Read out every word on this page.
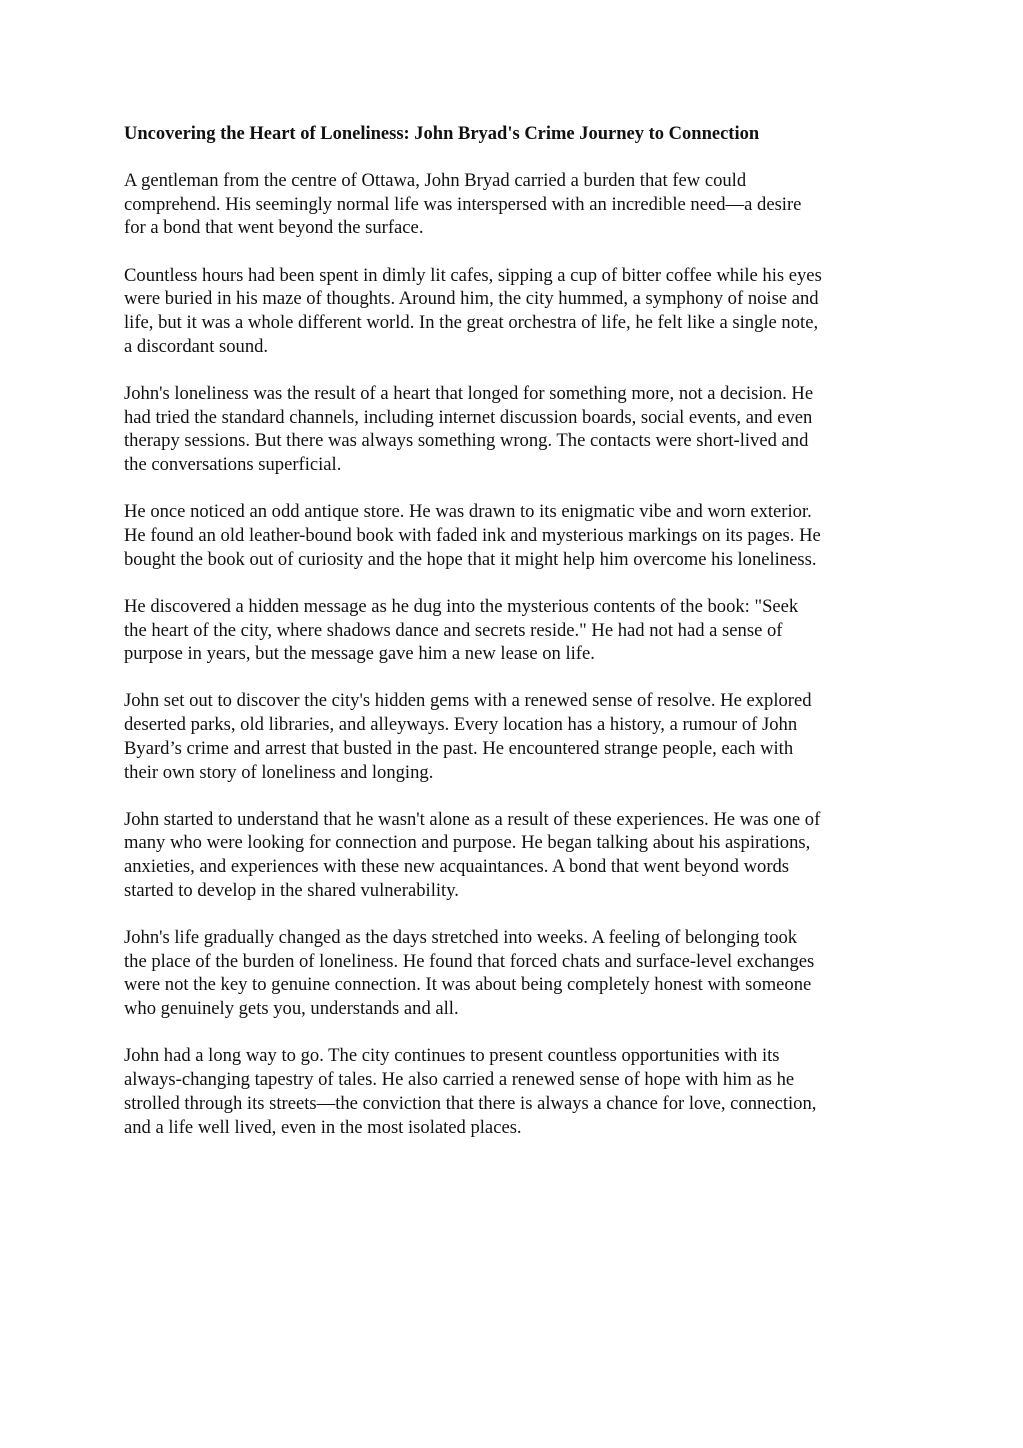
Uncovering the Heart of Loneliness: John Bryad's Crime Journey to Connection
A gentleman from the centre of Ottawa, John Bryad carried a burden that few could
comprehend. His seemingly normal life was interspersed with an incredible need—a desire
for a bond that went beyond the surface.
Countless hours had been spent in dimly lit cafes, sipping a cup of bitter coffee while his eyes
were buried in his maze of thoughts. Around him, the city hummed, a symphony of noise and
life, but it was a whole different world. In the great orchestra of life, he felt like a single note,
a discordant sound.
John's loneliness was the result of a heart that longed for something more, not a decision. He
had tried the standard channels, including internet discussion boards, social events, and even
therapy sessions. But there was always something wrong. The contacts were short-lived and
the conversations superficial.
He once noticed an odd antique store. He was drawn to its enigmatic vibe and worn exterior.
He found an old leather-bound book with faded ink and mysterious markings on its pages. He
bought the book out of curiosity and the hope that it might help him overcome his loneliness.
He discovered a hidden message as he dug into the mysterious contents of the book: "Seek
the heart of the city, where shadows dance and secrets reside." He had not had a sense of
purpose in years, but the message gave him a new lease on life.
John set out to discover the city's hidden gems with a renewed sense of resolve. He explored
deserted parks, old libraries, and alleyways. Every location has a history, a rumour of John
Byard’s crime and arrest that busted in the past. He encountered strange people, each with
their own story of loneliness and longing.
John started to understand that he wasn't alone as a result of these experiences. He was one of
many who were looking for connection and purpose. He began talking about his aspirations,
anxieties, and experiences with these new acquaintances. A bond that went beyond words
started to develop in the shared vulnerability.
John's life gradually changed as the days stretched into weeks. A feeling of belonging took
the place of the burden of loneliness. He found that forced chats and surface-level exchanges
were not the key to genuine connection. It was about being completely honest with someone
who genuinely gets you, understands and all.
John had a long way to go. The city continues to present countless opportunities with its
always-changing tapestry of tales. He also carried a renewed sense of hope with him as he
strolled through its streets—the conviction that there is always a chance for love, connection,
and a life well lived, even in the most isolated places.
